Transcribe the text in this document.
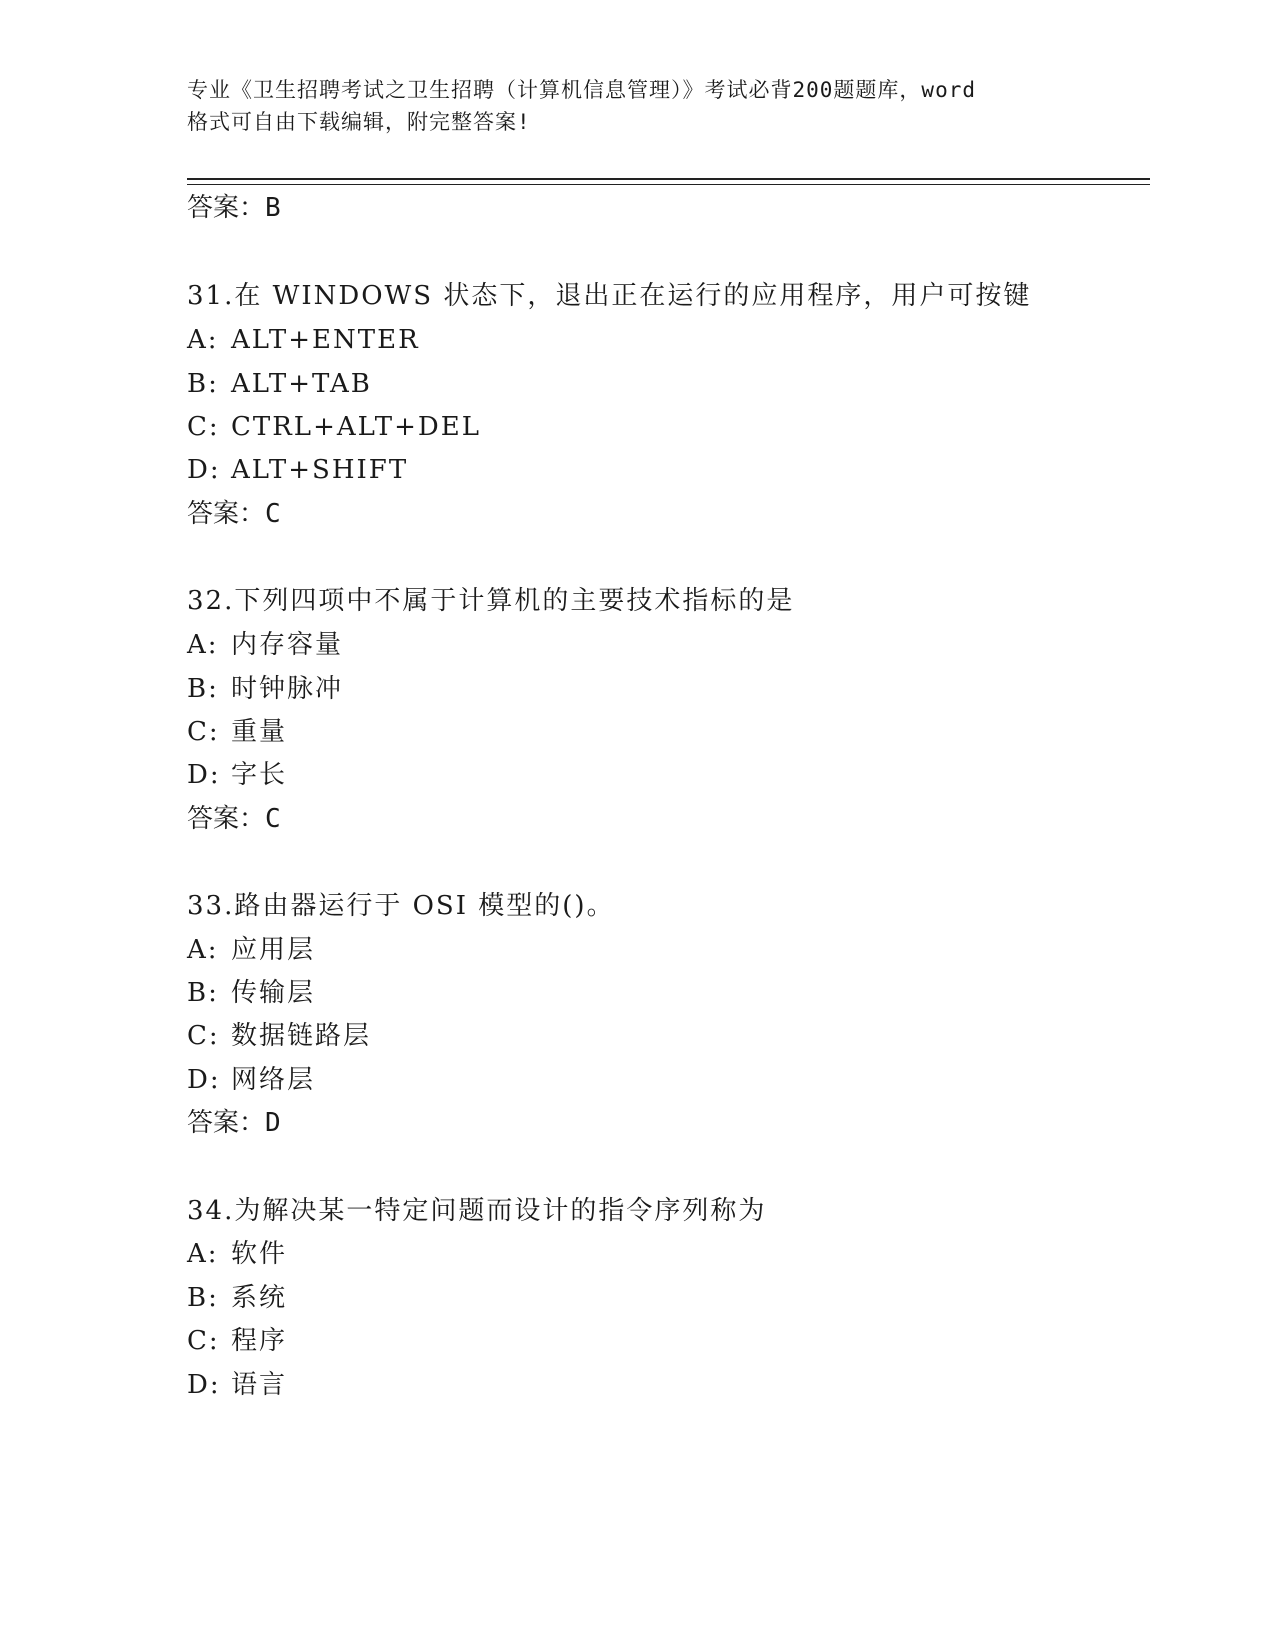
专业《卫生招聘考试之卫生招聘（计算机信息管理）》考试必背200题题库，word
格式可自由下载编辑，附完整答案!
答案：B
31.在 WINDOWS 状态下，退出正在运行的应用程序，用户可按键
A: ALT+ENTER
B: ALT+TAB
C: CTRL+ALT+DEL
D: ALT+SHIFT
答案：C
32.下列四项中不属于计算机的主要技术指标的是
A: 内存容量
B: 时钟脉冲
C: 重量
D: 字长
答案：C
33.路由器运行于 OSI 模型的()。
A: 应用层
B: 传输层
C: 数据链路层
D: 网络层
答案：D
34.为解决某一特定问题而设计的指令序列称为
A: 软件
B: 系统
C: 程序
D: 语言
